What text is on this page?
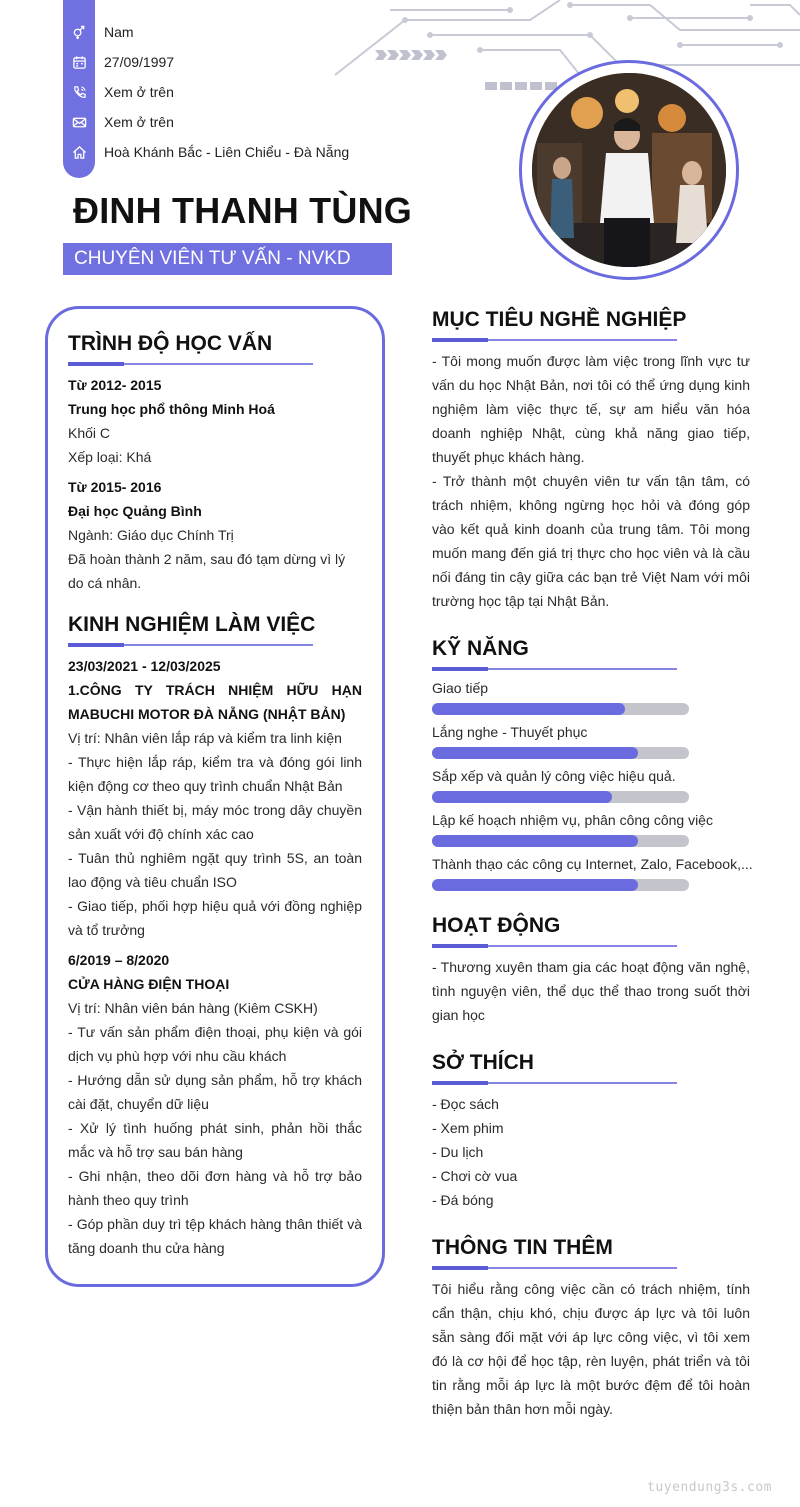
Nam
27/09/1997
Xem ở trên
Xem ở trên
Hoà Khánh Bắc - Liên Chiểu - Đà Nẵng
ĐINH THANH TÙNG
CHUYÊN VIÊN TƯ VẤN - NVKD
TRÌNH ĐỘ HỌC VẤN
Từ 2012- 2015
Trung học phổ thông Minh Hoá
Khối C
Xếp loại: Khá
Từ 2015- 2016
Đại học Quảng Bình
Ngành: Giáo dục Chính Trị
Đã hoàn thành 2 năm, sau đó tạm dừng vì lý do cá nhân.
KINH NGHIỆM LÀM VIỆC
23/03/2021 - 12/03/2025
1.CÔNG TY TRÁCH NHIỆM HỮU HẠN MABUCHI MOTOR ĐÀ NẴNG (NHẬT BẢN)
Vị trí: Nhân viên lắp ráp và kiểm tra linh kiện
- Thực hiện lắp ráp, kiểm tra và đóng gói linh kiện động cơ theo quy trình chuẩn Nhật Bản
- Vận hành thiết bị, máy móc trong dây chuyền sản xuất với độ chính xác cao
- Tuân thủ nghiêm ngặt quy trình 5S, an toàn lao động và tiêu chuẩn ISO
- Giao tiếp, phối hợp hiệu quả với đồng nghiệp và tổ trưởng
6/2019 – 8/2020
CỬA HÀNG ĐIỆN THOẠI
Vị trí: Nhân viên bán hàng (Kiêm CSKH)
- Tư vấn sản phẩm điện thoại, phụ kiện và gói dịch vụ phù hợp với nhu cầu khách
- Hướng dẫn sử dụng sản phẩm, hỗ trợ khách cài đặt, chuyển dữ liệu
- Xử lý tình huống phát sinh, phản hồi thắc mắc và hỗ trợ sau bán hàng
- Ghi nhận, theo dõi đơn hàng và hỗ trợ bảo hành theo quy trình
- Góp phần duy trì tệp khách hàng thân thiết và tăng doanh thu cửa hàng
MỤC TIÊU NGHỀ NGHIỆP
- Tôi mong muốn được làm việc trong lĩnh vực tư vấn du học Nhật Bản, nơi tôi có thể ứng dụng kinh nghiệm làm việc thực tế, sự am hiểu văn hóa doanh nghiệp Nhật, cùng khả năng giao tiếp, thuyết phục khách hàng.
- Trở thành một chuyên viên tư vấn tận tâm, có trách nhiệm, không ngừng học hỏi và đóng góp vào kết quả kinh doanh của trung tâm. Tôi mong muốn mang đến giá trị thực cho học viên và là cầu nối đáng tin cậy giữa các bạn trẻ Việt Nam với môi trường học tập tại Nhật Bản.
KỸ NĂNG
Giao tiếp
Lắng nghe - Thuyết phục
Sắp xếp và quản lý công việc hiệu quả.
Lập kế hoạch nhiệm vụ, phân công công việc
Thành thạo các công cụ Internet, Zalo, Facebook,...
HOẠT ĐỘNG
- Thương xuyên tham gia các hoạt động văn nghệ, tình nguyện viên, thể dục thể thao trong suốt thời gian học
SỞ THÍCH
- Đọc sách
- Xem phim
- Du lịch
- Chơi cờ vua
- Đá bóng
THÔNG TIN THÊM
Tôi hiểu rằng công việc cần có trách nhiệm, tính cẩn thận, chịu khó, chịu được áp lực và tôi luôn sẵn sàng đối mặt với áp lực công việc, vì tôi xem đó là cơ hội để học tập, rèn luyện, phát triển và tôi tin rằng mỗi áp lực là một bước đệm để tôi hoàn thiện bản thân hơn mỗi ngày.
tuyendung3s.com
